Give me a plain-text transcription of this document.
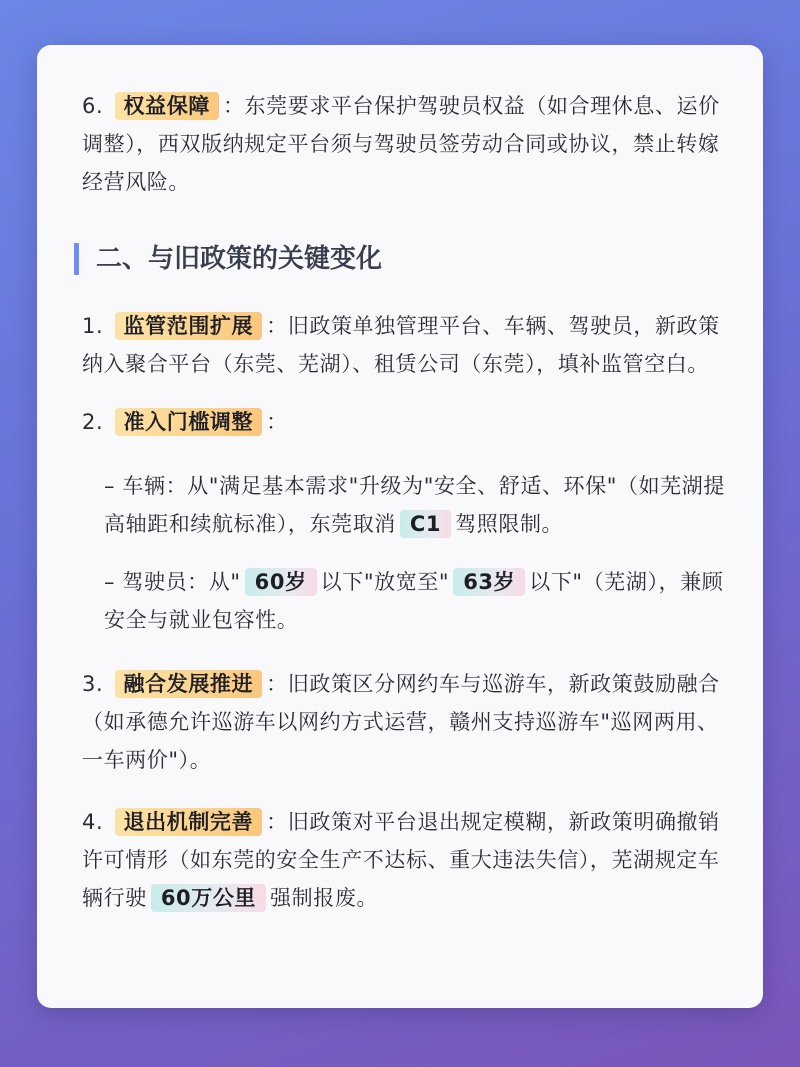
6. 权益保障 ：东莞要求平台保护驾驶员权益（如合理休息、运价调整），西双版纳规定平台须与驾驶员签劳动合同或协议，禁止转嫁经营风险。

二、与旧政策的关键变化

1. 监管范围扩展 ：旧政策单独管理平台、车辆、驾驶员，新政策纳入聚合平台（东莞、芜湖）、租赁公司（东莞），填补监管空白。

2. 准入门槛调整 ：

– 车辆：从"满足基本需求"升级为"安全、舒适、环保"（如芜湖提高轴距和续航标准），东莞取消 C1 驾照限制。

– 驾驶员：从" 60岁 以下"放宽至" 63岁 以下"（芜湖），兼顾安全与就业包容性。

3. 融合发展推进 ：旧政策区分网约车与巡游车，新政策鼓励融合（如承德允许巡游车以网约方式运营，赣州支持巡游车"巡网两用、一车两价"）。

4. 退出机制完善 ：旧政策对平台退出规定模糊，新政策明确撤销许可情形（如东莞的安全生产不达标、重大违法失信），芜湖规定车辆行驶 60万公里 强制报废。
